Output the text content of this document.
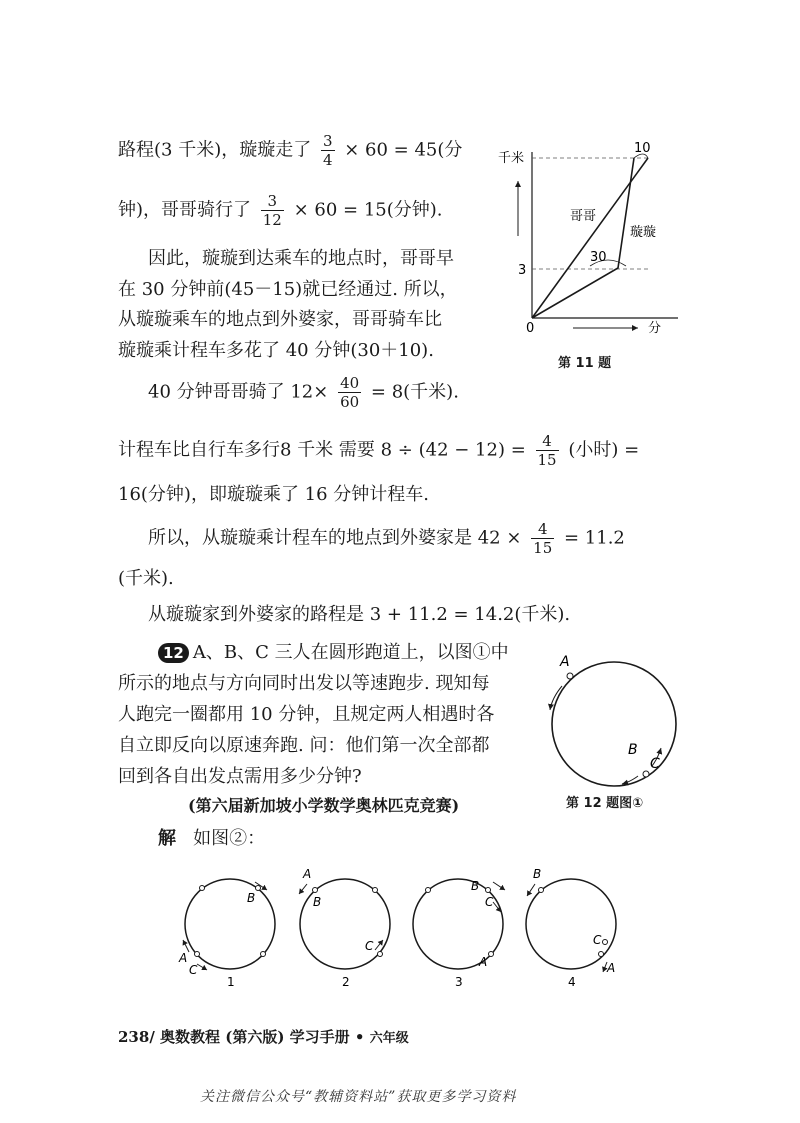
路程(3 千米)，璇璇走了 $\frac{3}{4} \times 60 = 45$(分
钟)，哥哥骑行了 $\frac{3}{12} \times 60 = 15$(分钟).
因此，璇璇到达乘车的地点时，哥哥早
在 30 分钟前(45－15)就已经通过. 所以，
从璇璇乘车的地点到外婆家，哥哥骑车比
璇璇乘计程车多花了 40 分钟(30＋10).
40 分钟哥哥骑了 $12\times \frac{40}{60} = 8$(千米).
计程车比自行车多行8 千米 需要 $8 \div (42 - 12) = \frac{4}{15}$ (小时) =
16(分钟)，即璇璇乘了 16 分钟计程车.
所以，从璇璇乘计程车的地点到外婆家是 $42 \times \frac{4}{15} = 11.2$
(千米).
从璇璇家到外婆家的路程是 3 + 11.2 = 14.2(千米).
12 A、B、C 三人在圆形跑道上，以图①中
所示的地点与方向同时出发以等速跑步. 现知每
人跑完一圈都用 10 分钟，且规定两人相遇时各
自立即反向以原速奔跑. 问：他们第一次全部都
回到各自出发点需用多少分钟?
(第六届新加坡小学数学奥林匹克竞赛)
解 如图②：
千米
分
0
3
10
30
哥哥
璇璇
第 11 题
A
B
C
第 12 题图①
B
A
C
1
A
B
C
2
B
C
A
3
B
C
A
4
238/ 奥数教程 (第六版) 学习手册 • 六年级
关注微信公众号“教辅资料站”获取更多学习资料
